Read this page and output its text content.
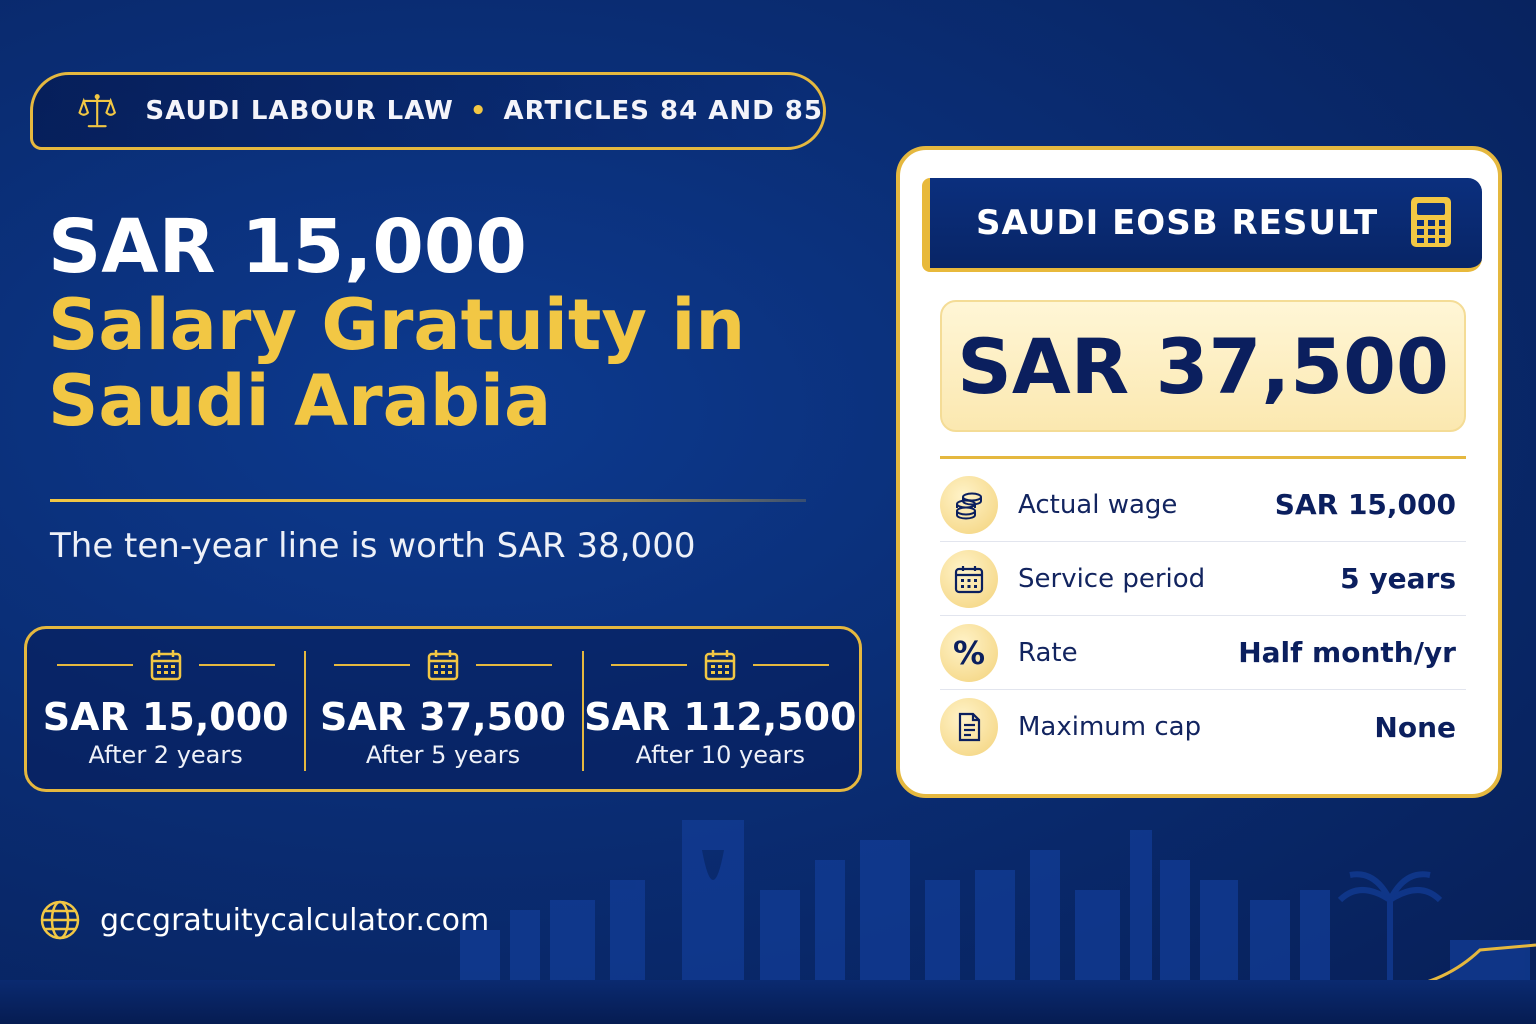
SAUDI LABOUR LAW • ARTICLES 84 AND 85
SAR 15,000
Salary Gratuity in
Saudi Arabia
The ten-year line is worth SAR 38,000
SAR 15,000
After 2 years
SAR 37,500
After 5 years
SAR 112,500
After 10 years
SAUDI EOSB RESULT
SAR 37,500
Actual wage	SAR 15,000
Service period	5 years
% Rate	Half month/yr
Maximum cap	None
gccgratuitycalculator.com
